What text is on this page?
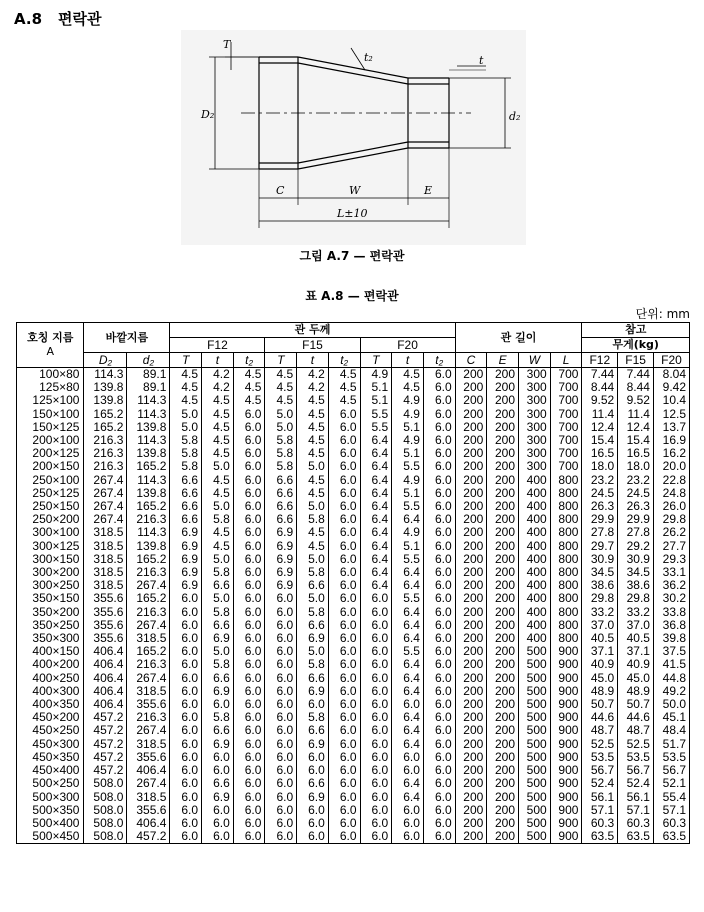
A.8 편락관
T
t₂	t
D₂	d₂
C	W	E
L±10
그림 A.7 — 편락관
표 A.8 — 편락관
단위: mm
호칭 지름
A	바깥지름		관 두께									관 길이				참고		
			F12			F15			F20							무게(kg)		
	D₂	d₂	T	t	t₂	T	t	t₂	T	t	t₂	C	E	W	L	F12	F15	F20
100×80	114.3	89.1	4.5	4.2	4.5	4.5	4.2	4.5	4.9	4.5	6.0	200	200	300	700	7.44	7.44	8.04
125×80	139.8	89.1	4.5	4.2	4.5	4.5	4.2	4.5	5.1	4.5	6.0	200	200	300	700	8.44	8.44	9.42
125×100	139.8	114.3	4.5	4.5	4.5	4.5	4.5	4.5	5.1	4.9	6.0	200	200	300	700	9.52	9.52	10.4
150×100	165.2	114.3	5.0	4.5	6.0	5.0	4.5	6.0	5.5	4.9	6.0	200	200	300	700	11.4	11.4	12.5
150×125	165.2	139.8	5.0	4.5	6.0	5.0	4.5	6.0	5.5	5.1	6.0	200	200	300	700	12.4	12.4	13.7
200×100	216.3	114.3	5.8	4.5	6.0	5.8	4.5	6.0	6.4	4.9	6.0	200	200	300	700	15.4	15.4	16.9
200×125	216.3	139.8	5.8	4.5	6.0	5.8	4.5	6.0	6.4	5.1	6.0	200	200	300	700	16.5	16.5	16.2
200×150	216.3	165.2	5.8	5.0	6.0	5.8	5.0	6.0	6.4	5.5	6.0	200	200	300	700	18.0	18.0	20.0
250×100	267.4	114.3	6.6	4.5	6.0	6.6	4.5	6.0	6.4	4.9	6.0	200	200	400	800	23.2	23.2	22.8
250×125	267.4	139.8	6.6	4.5	6.0	6.6	4.5	6.0	6.4	5.1	6.0	200	200	400	800	24.5	24.5	24.8
250×150	267.4	165.2	6.6	5.0	6.0	6.6	5.0	6.0	6.4	5.5	6.0	200	200	400	800	26.3	26.3	26.0
250×200	267.4	216.3	6.6	5.8	6.0	6.6	5.8	6.0	6.4	6.4	6.0	200	200	400	800	29.9	29.9	29.8
300×100	318.5	114.3	6.9	4.5	6.0	6.9	4.5	6.0	6.4	4.9	6.0	200	200	400	800	27.8	27.8	26.2
300×125	318.5	139.8	6.9	4.5	6.0	6.9	4.5	6.0	6.4	5.1	6.0	200	200	400	800	29.7	29.2	27.7
300×150	318.5	165.2	6.9	5.0	6.0	6.9	5.0	6.0	6.4	5.5	6.0	200	200	400	800	30.9	30.9	29.3
300×200	318.5	216.3	6.9	5.8	6.0	6.9	5.8	6.0	6.4	6.4	6.0	200	200	400	800	34.5	34.5	33.1
300×250	318.5	267.4	6.9	6.6	6.0	6.9	6.6	6.0	6.4	6.4	6.0	200	200	400	800	38.6	38.6	36.2
350×150	355.6	165.2	6.0	5.0	6.0	6.0	5.0	6.0	6.0	5.5	6.0	200	200	400	800	29.8	29.8	30.2
350×200	355.6	216.3	6.0	5.8	6.0	6.0	5.8	6.0	6.0	6.4	6.0	200	200	400	800	33.2	33.2	33.8
350×250	355.6	267.4	6.0	6.6	6.0	6.0	6.6	6.0	6.0	6.4	6.0	200	200	400	800	37.0	37.0	36.8
350×300	355.6	318.5	6.0	6.9	6.0	6.0	6.9	6.0	6.0	6.4	6.0	200	200	400	800	40.5	40.5	39.8
400×150	406.4	165.2	6.0	5.0	6.0	6.0	5.0	6.0	6.0	5.5	6.0	200	200	500	900	37.1	37.1	37.5
400×200	406.4	216.3	6.0	5.8	6.0	6.0	5.8	6.0	6.0	6.4	6.0	200	200	500	900	40.9	40.9	41.5
400×250	406.4	267.4	6.0	6.6	6.0	6.0	6.6	6.0	6.0	6.4	6.0	200	200	500	900	45.0	45.0	44.8
400×300	406.4	318.5	6.0	6.9	6.0	6.0	6.9	6.0	6.0	6.4	6.0	200	200	500	900	48.9	48.9	49.2
400×350	406.4	355.6	6.0	6.0	6.0	6.0	6.0	6.0	6.0	6.0	6.0	200	200	500	900	50.7	50.7	50.0
450×200	457.2	216.3	6.0	5.8	6.0	6.0	5.8	6.0	6.0	6.4	6.0	200	200	500	900	44.6	44.6	45.1
450×250	457.2	267.4	6.0	6.6	6.0	6.0	6.6	6.0	6.0	6.4	6.0	200	200	500	900	48.7	48.7	48.4
450×300	457.2	318.5	6.0	6.9	6.0	6.0	6.9	6.0	6.0	6.4	6.0	200	200	500	900	52.5	52.5	51.7
450×350	457.2	355.6	6.0	6.0	6.0	6.0	6.0	6.0	6.0	6.0	6.0	200	200	500	900	53.5	53.5	53.5
450×400	457.2	406.4	6.0	6.0	6.0	6.0	6.0	6.0	6.0	6.0	6.0	200	200	500	900	56.7	56.7	56.7
500×250	508.0	267.4	6.0	6.6	6.0	6.0	6.6	6.0	6.0	6.4	6.0	200	200	500	900	52.4	52.4	52.1
500×300	508.0	318.5	6.0	6.9	6.0	6.0	6.9	6.0	6.0	6.4	6.0	200	200	500	900	56.1	56.1	55.4
500×350	508.0	355.6	6.0	6.0	6.0	6.0	6.0	6.0	6.0	6.0	6.0	200	200	500	900	57.1	57.1	57.1
500×400	508.0	406.4	6.0	6.0	6.0	6.0	6.0	6.0	6.0	6.0	6.0	200	200	500	900	60.3	60.3	60.3
500×450	508.0	457.2	6.0	6.0	6.0	6.0	6.0	6.0	6.0	6.0	6.0	200	200	500	900	63.5	63.5	63.5
